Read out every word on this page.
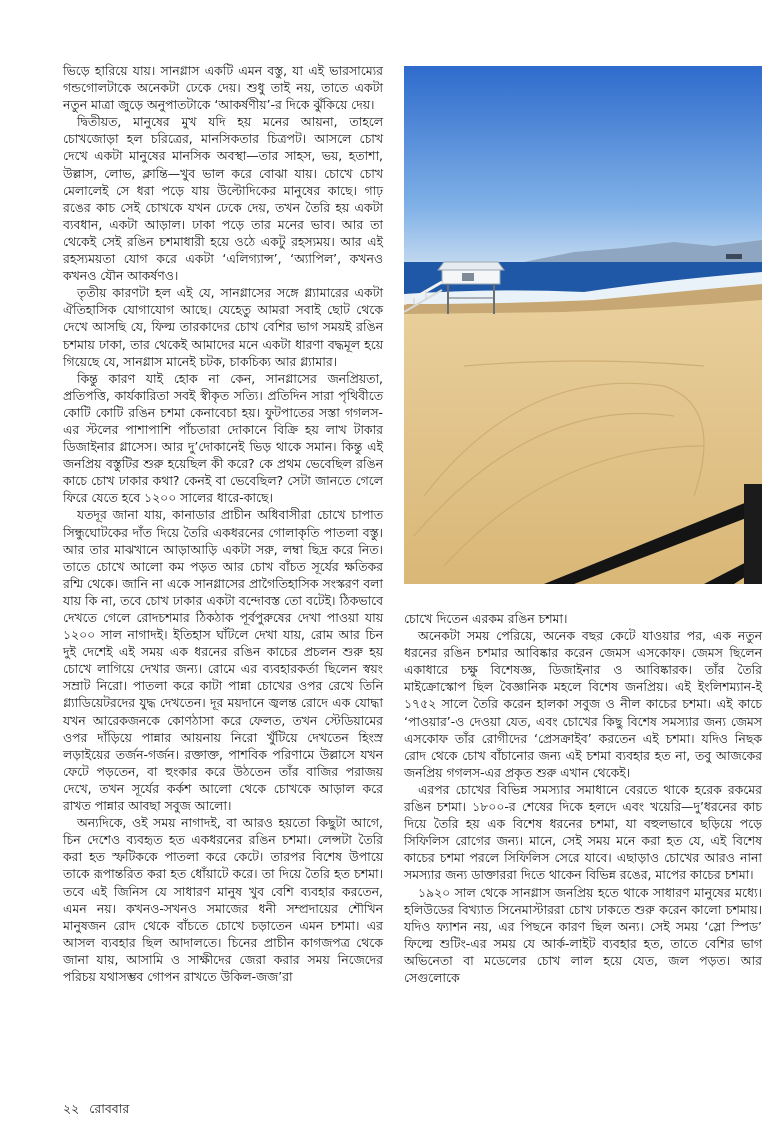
ভিড়ে হারিয়ে যায়। সানগ্লাস একটি এমন বস্তু, যা এই ভারসাম্যের গন্ডগোলটাকে অনেকটা ঢেকে দেয়। শুধু তাই নয়, তাতে একটা নতুন মাত্রা জুড়ে অনুপাতটাকে ‘আকর্ষণীয়’-র দিকে ঝুঁকিয়ে দেয়।

দ্বিতীয়ত, মানুষের মুখ যদি হয় মনের আয়না, তাহলে চোখজোড়া হল চরিত্রের, মানসিকতার চিত্রপট। আসলে চোখ দেখে একটা মানুষের মানসিক অবস্থা—তার সাহস, ভয়, হতাশা, উল্লাস, লোভ, ক্লান্তি—খুব ভাল করে বোঝা যায়। চোখে চোখ মেলালেই সে ধরা পড়ে যায় উল্টোদিকের মানুষের কাছে। গাঢ় রঙের কাচ সেই চোখকে যখন ঢেকে দেয়, তখন তৈরি হয় একটা ব্যবধান, একটা আড়াল। ঢাকা পড়ে তার মনের ভাব। আর তা থেকেই সেই রঙিন চশমাধারী হয়ে ওঠে একটু রহস্যময়। আর এই রহস্যময়তা যোগ করে একটা ‘এলিগ্যান্স’, ‘অ্যাপিল’, কখনও কখনও যৌন আকর্ষণও।

তৃতীয় কারণটা হল এই যে, সানগ্লাসের সঙ্গে গ্ল্যামারের একটা ঐতিহাসিক যোগাযোগ আছে। যেহেতু আমরা সবাই ছোট থেকে দেখে আসছি যে, ফিল্ম তারকাদের চোখ বেশির ভাগ সময়ই রঙিন চশমায় ঢাকা, তার থেকেই আমাদের মনে একটা ধারণা বদ্ধমূল হয়ে গিয়েছে যে, সানগ্লাস মানেই চটক, চাকচিক্য আর গ্ল্যামার।

কিন্তু কারণ যাই হোক না কেন, সানগ্লাসের জনপ্রিয়তা, প্রতিপত্তি, কার্যকারিতা সবই স্বীকৃত সত্যি। প্রতিদিন সারা পৃথিবীতে কোটি কোটি রঙিন চশমা কেনাবেচা হয়। ফুটপাতের সস্তা গগলস-এর স্টলের পাশাপাশি পাঁচতারা দোকানে বিক্রি হয় লাখ টাকার ডিজাইনার গ্লাসেস। আর দু’দোকানেই ভিড় থাকে সমান। কিন্তু এই জনপ্রিয় বস্তুটির শুরু হয়েছিল কী করে? কে প্রথম ভেবেছিল রঙিন কাচে চোখ ঢাকার কথা? কেনই বা ভেবেছিল? সেটা জানতে গেলে ফিরে যেতে হবে ১২০০ সালের ধারে-কাছে।

যতদূর জানা যায়, কানাডার প্রাচীন অধিবাসীরা চোখে চাপাত সিন্ধুঘোটকের দাঁত দিয়ে তৈরি একধরনের গোলাকৃতি পাতলা বস্তু। আর তার মাঝখানে আড়াআড়ি একটা সরু, লম্বা ছিদ্র করে নিত। তাতে চোখে আলো কম পড়ত আর চোখ বাঁচত সূর্যের ক্ষতিকর রশ্মি থেকে। জানি না একে সানগ্লাসের প্রাগৈতিহাসিক সংস্করণ বলা যায় কি না, তবে চোখ ঢাকার একটা বন্দোবস্ত তো বটেই। ঠিকভাবে দেখতে গেলে রোদচশমার ঠিকঠাক পূর্বপুরুষের দেখা পাওয়া যায় ১২০০ সাল নাগাদই। ইতিহাস ঘাঁটলে দেখা যায়, রোম আর চিন দুই দেশেই এই সময় এক ধরনের রঙিন কাচের প্রচলন শুরু হয় চোখে লাগিয়ে দেখার জন্য। রোমে এর ব্যবহারকর্তা ছিলেন স্বয়ং সম্রাট নিরো। পাতলা করে কাটা পান্না চোখের ওপর রেখে তিনি গ্ল্যাডিয়েটরদের যুদ্ধ দেখতেন। দূর ময়দানে জ্বলন্ত রোদে এক যোদ্ধা যখন আরেকজনকে কোণঠাসা করে ফেলত, তখন স্টেডিয়ামের ওপর দাঁড়িয়ে পান্নার আয়নায় নিরো খুঁটিয়ে দেখতেন হিংস্র লড়াইয়ের তর্জন-গর্জন। রক্তাক্ত, পাশবিক পরিণামে উল্লাসে যখন ফেটে পড়তেন, বা হুংকার করে উঠতেন তাঁর বাজির পরাজয় দেখে, তখন সূর্যের কর্কশ আলো থেকে চোখকে আড়াল করে রাখত পান্নার আবছা সবুজ আলো।

অন্যদিকে, ওই সময় নাগাদই, বা আরও হয়তো কিছুটা আগে, চিন দেশেও ব্যবহৃত হত একধরনের রঙিন চশমা। লেন্সটা তৈরি করা হত স্ফটিককে পাতলা করে কেটে। তারপর বিশেষ উপায়ে তাকে রূপান্তরিত করা হত ধোঁয়াটে করে। তা দিয়ে তৈরি হত চশমা। তবে এই জিনিস যে সাধারণ মানুষ খুব বেশি ব্যবহার করতেন, এমন নয়। কখনও-সখনও সমাজের ধনী সম্প্রদায়ের শৌখিন মানুষজন রোদ থেকে বাঁচতে চোখে চড়াতেন এমন চশমা। এর আসল ব্যবহার ছিল আদালতে। চিনের প্রাচীন কাগজপত্র থেকে জানা যায়, আসামি ও সাক্ষীদের জেরা করার সময় নিজেদের পরিচয় যথাসম্ভব গোপন রাখতে উকিল-জজ’রা

চোখে দিতেন এরকম রঙিন চশমা।

অনেকটা সময় পেরিয়ে, অনেক বছর কেটে যাওয়ার পর, এক নতুন ধরনের রঙিন চশমার আবিষ্কার করেন জেমস এসকোফ। জেমস ছিলেন একাধারে চক্ষু বিশেষজ্ঞ, ডিজাইনার ও আবিষ্কারক। তাঁর তৈরি মাইক্রোস্কোপ ছিল বৈজ্ঞানিক মহলে বিশেষ জনপ্রিয়। এই ইংলিশম্যান-ই ১৭৫২ সালে তৈরি করেন হালকা সবুজ ও নীল কাচের চশমা। এই কাচে ‘পাওয়ার’-ও দেওয়া যেত, এবং চোখের কিছু বিশেষ সমস্যার জন্য জেমস এসকোফ তাঁর রোগীদের ‘প্রেসক্রাইব’ করতেন এই চশমা। যদিও নিছক রোদ থেকে চোখ বাঁচানোর জন্য এই চশমা ব্যবহার হত না, তবু আজকের জনপ্রিয় গগলস-এর প্রকৃত শুরু এখান থেকেই।

এরপর চোখের বিভিন্ন সমস্যার সমাধানে বেরতে থাকে হরেক রকমের রঙিন চশমা। ১৮০০-র শেষের দিকে হলদে এবং খয়েরি—দু’ধরনের কাচ দিয়ে তৈরি হয় এক বিশেষ ধরনের চশমা, যা বহুলভাবে ছড়িয়ে পড়ে সিফিলিস রোগের জন্য। মানে, সেই সময় মনে করা হত যে, এই বিশেষ কাচের চশমা পরলে সিফিলিস সেরে যাবে। এছাড়াও চোখের আরও নানা সমস্যার জন্য ডাক্তাররা দিতে থাকেন বিভিন্ন রঙের, মাপের কাচের চশমা।

১৯২০ সাল থেকে সানগ্লাস জনপ্রিয় হতে থাকে সাধারণ মানুষের মধ্যে। হলিউডের বিখ্যাত সিনেমাস্টাররা চোখ ঢাকতে শুরু করেন কালো চশমায়। যদিও ফ্যাশন নয়, এর পিছনে কারণ ছিল অন্য। সেই সময় ‘স্লো স্পিড’ ফিল্মে শুটিং-এর সময় যে আর্ক-লাইট ব্যবহার হত, তাতে বেশির ভাগ অভিনেতা বা মডেলের চোখ লাল হয়ে যেত, জল পড়ত। আর সেগুলোকে

২২ রোববার
